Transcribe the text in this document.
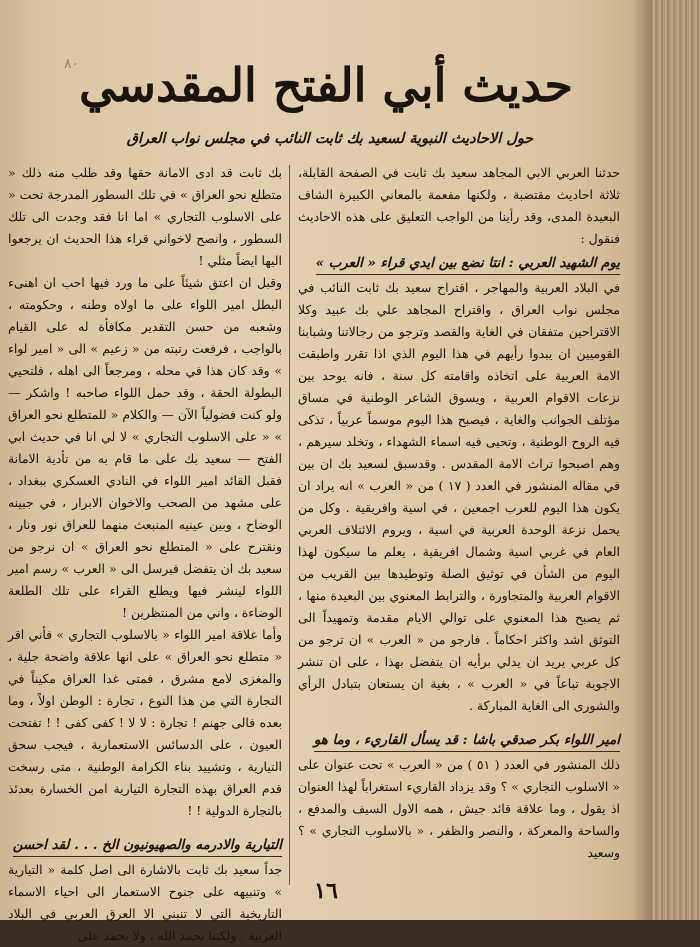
٨٠ حديث أبي الفتح المقدسي
حول الاحاديث النبوية لسعيد بك ثابت النائب في مجلس نواب العراق

حدثنا العربي الابي المجاهد سعيد بك ثابت في الصفحة القابلة، ثلاثة احاديث مقتضبة ، ولكنها مفعمة بالمعاني الكبيرة الشاف البعيدة المدى، وقد رأينا من الواجب التعليق على هذه الاحاديث فنقول :

يوم الشهيد العربي : انتا نضع بين ايدي قراء « العرب »

في البلاد العربية والمهاجر ، اقتراح سعيد بك ثابت النائب في مجلس نواب العراق ، واقتراح المجاهد علي بك عبيد وكلا الاقتراحين متفقان في الغاية والقصد وترجو من رجالاتنا وشبابنا القوميين ان يبدوا رأيهم في هذا اليوم الذي اذا تقرر واطبقت الامة العربية على اتخاذه واقامته كل سنة ، فانه يوحد بين نزعات الاقوام العربية ، ويسوق الشاعر الوطنية في مساق مؤتلف الجوانب والغاية ، فيصبح هذا اليوم موسماً عربياً ، تذكى فيه الروح الوطنية ، وتحيى فيه اسماء الشهداء ، وتخلد سيرهم ، وهم اصبحوا تراث الامة المقدس . وقدسبق لسعيد بك ان بين في مقاله المنشور في العدد ( ١٧ ) من « العرب » انه يراد ان يكون هذا اليوم للعرب اجمعين ، في اسية وافريقية . وكل من يحمل نزعة الوحدة العربية في اسية ، ويروم الائتلاف العربي العام في غربي اسية وشمال افريقية ، يعلم ما سيكون لهذا اليوم من الشأن في توثيق الصلة وتوطيدها بين القريب من الاقوام العربية والمتجاورة ، والترابط المعنوي بين البعيدة منها ، ثم يصبح هذا المعنوي على توالي الايام مقدمة وتمهيداً الى التوثق اشد واكثر احكاماً . فارجو من « العرب » ان ترجو من كل عربي يريد ان يدلي برأيه ان يتفضل بهذا ، على ان تنشر الاجوبة تباعاً في « العرب » ، بغية ان يستعان بتبادل الرأي والشورى الى الغاية المباركة .

امير اللواء بكر صدقي باشا : قد يسأل القاريء ، وما هو

ذلك المنشور في العدد ( ٥١ ) من « العرب » تحت عنوان على « الاسلوب التجاري » ؟ وقد يزداد القاريء استغراباً لهذا العنوان اذ يقول ، وما علاقة قائد جيش ، همه الاول السيف والمدفع ، والساحة والمعركة ، والنصر والظفر ، « بالاسلوب التجاري » ؟ وسعيد

بك ثابت قد ادى الامانة حقها وقد طلب منه ذلك « متطلع نحو العراق » في تلك السطور المدرجة تحت « على الاسلوب التجاري » اما انا فقد وجدت الى تلك السطور ، وانصح لاخواني قراء هذا الحديث ان يرجعوا اليها ايضاً مثلي !

وقبل ان اعتق شيئاً على ما ورد فيها احب ان اهنىء البطل امير اللواء على ما اولاه وطنه ، وحكومته ، وشعبه من حسن التقدير مكافأة له على القيام بالواجب ، فرفعت رتبته من « زعيم » الى « امير لواء » وقد كان هذا في محله ، ومرجعاً الى اهله ، فلتحيي البطولة الحقة ، وقد حمل اللواء صاحبه ! واشكر — ولو كنت فضولياً الآن — والكلام « للمتطلع نحو العراق » « على الاسلوب التجاري » لا لي انا في حديث ابي الفتح — سعيد بك على ما قام به من تأدية الامانة فقبل القائد امير اللواء في النادي العسكري ببغداد ، على مشهد من الصحب والاخوان الابرار ، في جبينه الوضاح ، وبين عينيه المنبعث منهما للعراق نور ونار ، ونقترح على « المتطلع نحو العراق » ان نرجو من سعيد بك ان يتفضل فيرسل الى « العرب » رسم امير اللواء لينشر فيها ويطلع القراء على تلك الطلعة الوضاءة ، واني من المنتظرين !

وأما علاقة امير اللواء « بالاسلوب التجاري » فأني اقر « متطلع نحو العراق » على انها علاقة واضحة جلية ، والمغزى لامع مشرق ، فمتى غدا العراق مكيناً في التجارة التي من هذا النوع ، تجارة : الوطن اولاً ، وما بعده فالى جهنم ! تجارة : لا لا ! كفى كفى ! ! تفتحت العيون ، على الدسائس الاستعمارية ، فيجب سحق التيارية ، وتشييد بناء الكرامة الوطنية ، متى رسخت قدم العراق بهذه التجارة التيارية امن الخسارة بعدئذ بالتجارة الدولية ! !

التيارية والادرمه والصهيونيون الخ . . . لقد احسن

جداً سعيد بك ثابت بالاشارة الى اصل كلمة « التيارية » وتنبيهه على جنوح الاستعمار الى احياء الاسماء التاريخية التي لا تنبني الا العرق العربي في البلاد العربية . ولكننا نحمد الله ، ولا يحمد على

١٦
